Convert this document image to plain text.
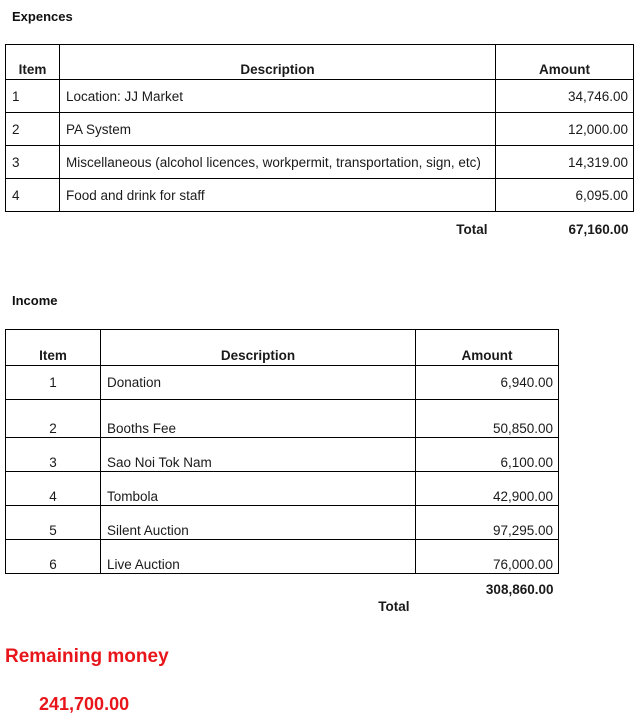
Expences
Item	Description	Amount
1	Location: JJ Market	34,746.00
2	PA System	12,000.00
3	Miscellaneous (alcohol licences, workpermit, transportation, sign, etc)	14,319.00
4	Food and drink for staff	6,095.00
	Total	67,160.00
Income
Item	Description	Amount
1	Donation	6,940.00
2	Booths Fee	50,850.00
3	Sao Noi Tok Nam	6,100.00
4	Tombola	42,900.00
5	Silent Auction	97,295.00
6	Live Auction	76,000.00
	Total	308,860.00
Remaining money
241,700.00
